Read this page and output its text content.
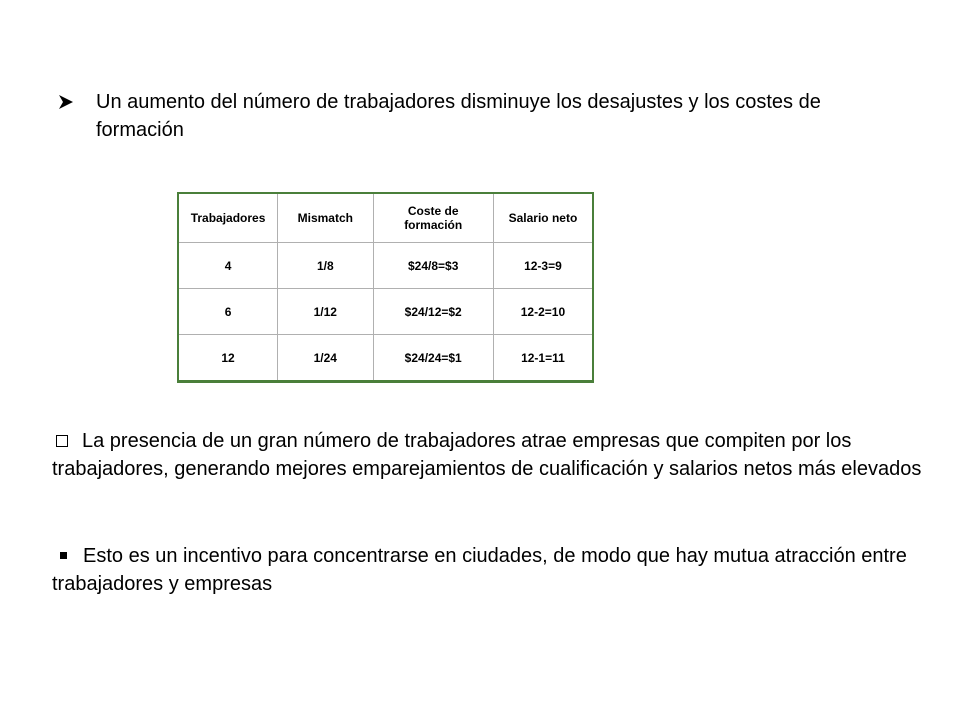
Un aumento del número de trabajadores disminuye los desajustes y los costes de formación
Trabajadores	Mismatch	Coste de formación	Salario neto
4	1/8	$24/8=$3	12-3=9
6	1/12	$24/12=$2	12-2=10
12	1/24	$24/24=$1	12-1=11
La presencia de un gran número de trabajadores atrae empresas que compiten por los trabajadores, generando mejores emparejamientos de cualificación y salarios netos más elevados
Esto es un incentivo para concentrarse en ciudades, de modo que hay mutua atracción entre trabajadores y empresas
